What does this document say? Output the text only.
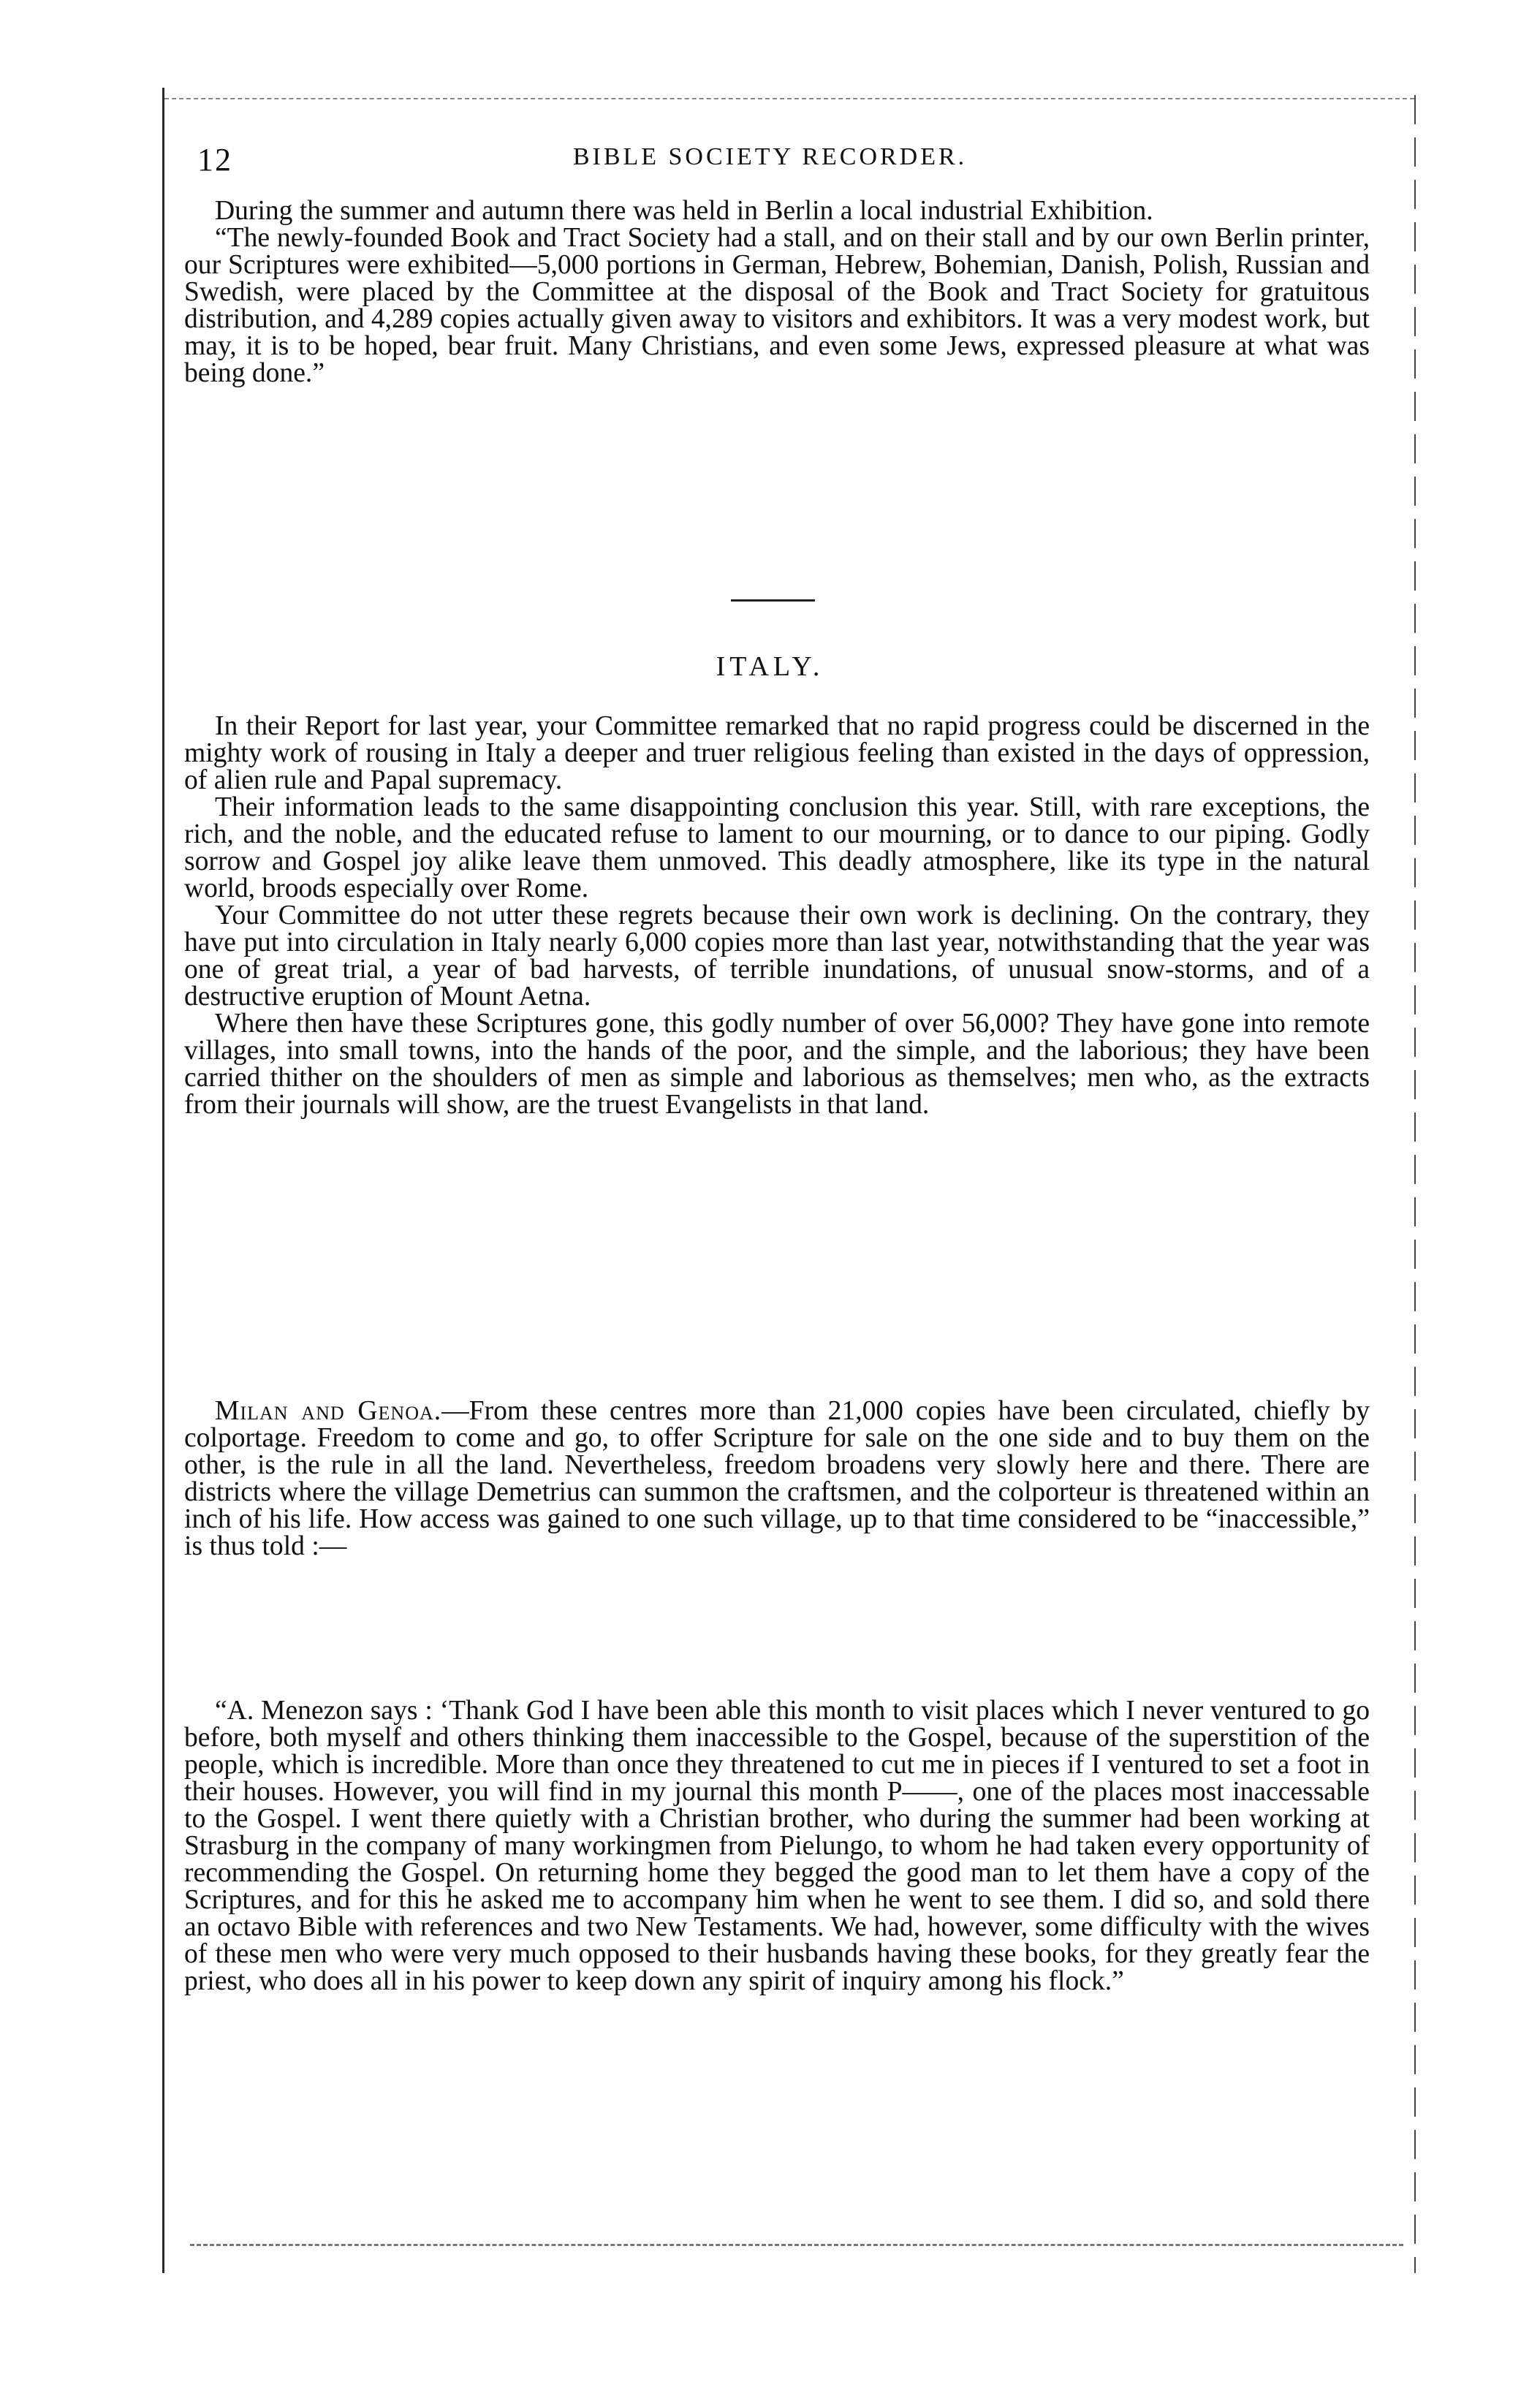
12	BIBLE SOCIETY RECORDER.

During the summer and autumn there was held in Berlin a local industrial Exhibition.

“The newly-founded Book and Tract Society had a stall, and on their stall and by our own Berlin printer, our Scriptures were exhibited—5,000 portions in German, Hebrew, Bohemian, Danish, Polish, Russian and Swedish, were placed by the Committee at the disposal of the Book and Tract Society for gratuitous distribution, and 4,289 copies actually given away to visitors and exhibitors. It was a very modest work, but may, it is to be hoped, bear fruit. Many Christians, and even some Jews, expressed pleasure at what was being done.”

ITALY.

In their Report for last year, your Committee remarked that no rapid progress could be discerned in the mighty work of rousing in Italy a deeper and truer religious feeling than existed in the days of oppression, of alien rule and Papal supremacy.

Their information leads to the same disappointing conclusion this year. Still, with rare exceptions, the rich, and the noble, and the educated refuse to lament to our mourning, or to dance to our piping. Godly sorrow and Gospel joy alike leave them unmoved. This deadly atmosphere, like its type in the natural world, broods especially over Rome.

Your Committee do not utter these regrets because their own work is declining. On the contrary, they have put into circulation in Italy nearly 6,000 copies more than last year, notwithstanding that the year was one of great trial, a year of bad harvests, of terrible inundations, of unusual snow-storms, and of a destructive eruption of Mount Aetna.

Where then have these Scriptures gone, this godly number of over 56,000? They have gone into remote villages, into small towns, into the hands of the poor, and the simple, and the laborious; they have been carried thither on the shoulders of men as simple and laborious as themselves; men who, as the extracts from their journals will show, are the truest Evangelists in that land.

Milan and Genoa.—From these centres more than 21,000 copies have been circulated, chiefly by colportage. Freedom to come and go, to offer Scripture for sale on the one side and to buy them on the other, is the rule in all the land. Nevertheless, freedom broadens very slowly here and there. There are districts where the village Demetrius can summon the craftsmen, and the colporteur is threatened within an inch of his life. How access was gained to one such village, up to that time considered to be “inaccessible,” is thus told :—

“A. Menezon says : ‘Thank God I have been able this month to visit places which I never ventured to go before, both myself and others thinking them inaccessible to the Gospel, because of the superstition of the people, which is incredible. More than once they threatened to cut me in pieces if I ventured to set a foot in their houses. However, you will find in my journal this month P——, one of the places most inaccessable to the Gospel. I went there quietly with a Christian brother, who during the summer had been working at Strasburg in the company of many workingmen from Pielungo, to whom he had taken every opportunity of recommending the Gospel. On returning home they begged the good man to let them have a copy of the Scriptures, and for this he asked me to accompany him when he went to see them. I did so, and sold there an octavo Bible with references and two New Testaments. We had, however, some difficulty with the wives of these men who were very much opposed to their husbands having these books, for they greatly fear the priest, who does all in his power to keep down any spirit of inquiry among his flock.”
